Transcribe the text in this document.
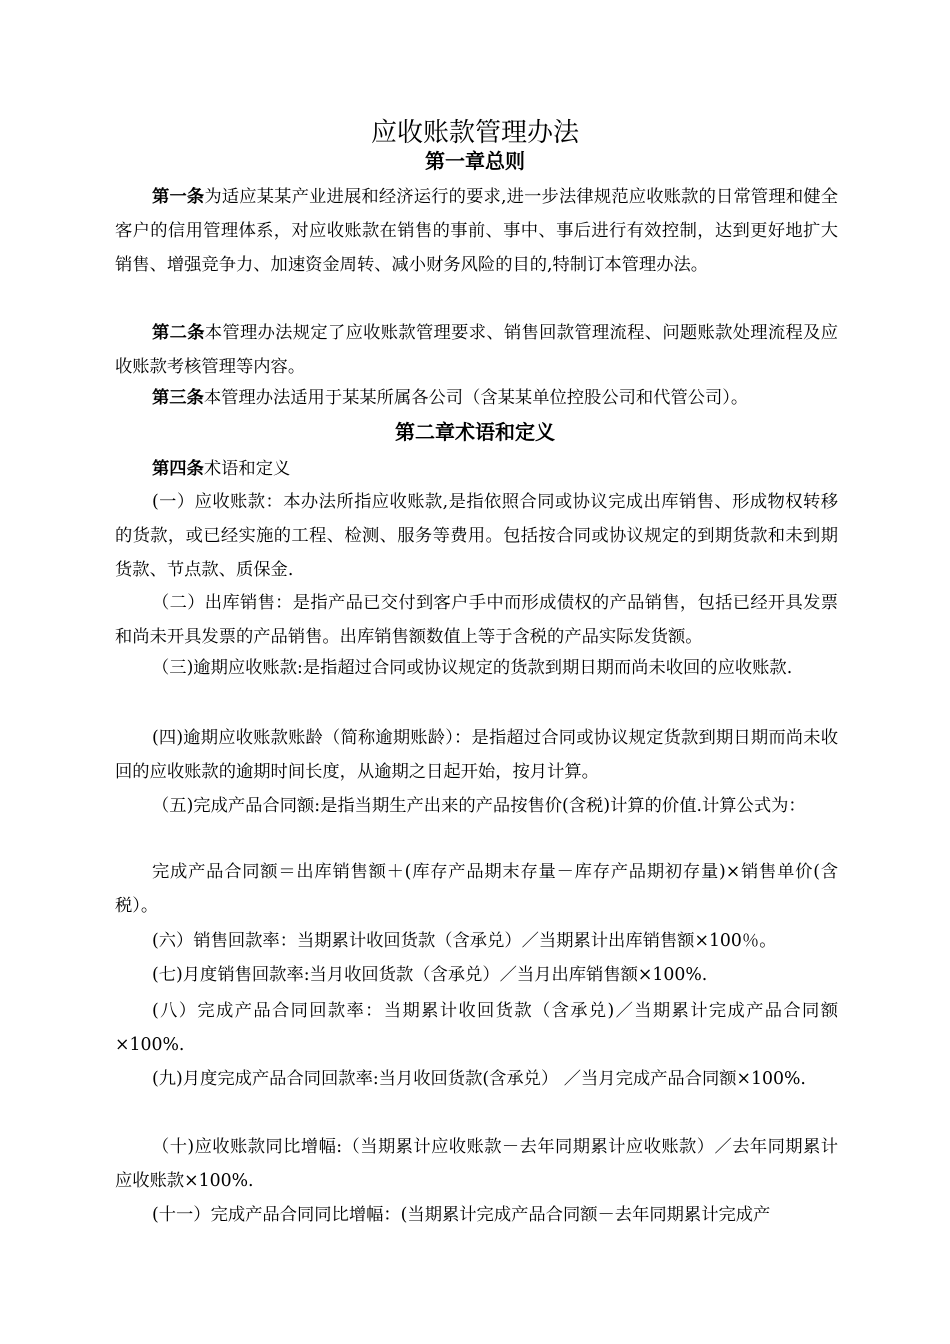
应收账款管理办法
第一章总则

第一条为适应某某产业进展和经济运行的要求,进一步法律规范应收账款的日常管理和健全客户的信用管理体系，对应收账款在销售的事前、事中、事后进行有效控制，达到更好地扩大销售、增强竞争力、加速资金周转、减小财务风险的目的,特制订本管理办法。

第二条本管理办法规定了应收账款管理要求、销售回款管理流程、问题账款处理流程及应收账款考核管理等内容。

第三条本管理办法适用于某某所属各公司（含某某单位控股公司和代管公司）。

第二章术语和定义

第四条术语和定义

(一）应收账款：本办法所指应收账款,是指依照合同或协议完成出库销售、形成物权转移的货款，或已经实施的工程、检测、服务等费用。包括按合同或协议规定的到期货款和未到期货款、节点款、质保金.

（二）出库销售：是指产品已交付到客户手中而形成债权的产品销售，包括已经开具发票和尚未开具发票的产品销售。出库销售额数值上等于含税的产品实际发货额。

（三)逾期应收账款:是指超过合同或协议规定的货款到期日期而尚未收回的应收账款.

(四)逾期应收账款账龄（简称逾期账龄）：是指超过合同或协议规定货款到期日期而尚未收回的应收账款的逾期时间长度，从逾期之日起开始，按月计算。

（五)完成产品合同额:是指当期生产出来的产品按售价(含税)计算的价值.计算公式为：

完成产品合同额＝出库销售额＋(库存产品期末存量－库存产品期初存量)×销售单价(含税）。

(六）销售回款率：当期累计收回货款（含承兑）／当期累计出库销售额×100％。

(七)月度销售回款率:当月收回货款（含承兑）／当月出库销售额×100%.

(八）完成产品合同回款率：当期累计收回货款（含承兑)／当期累计完成产品合同额×100%.

(九)月度完成产品合同回款率:当月收回货款(含承兑） ／当月完成产品合同额×100%.

（十)应收账款同比增幅:（当期累计应收账款－去年同期累计应收账款）／去年同期累计应收账款×100%.

(十一）完成产品合同同比增幅：(当期累计完成产品合同额－去年同期累计完成产
